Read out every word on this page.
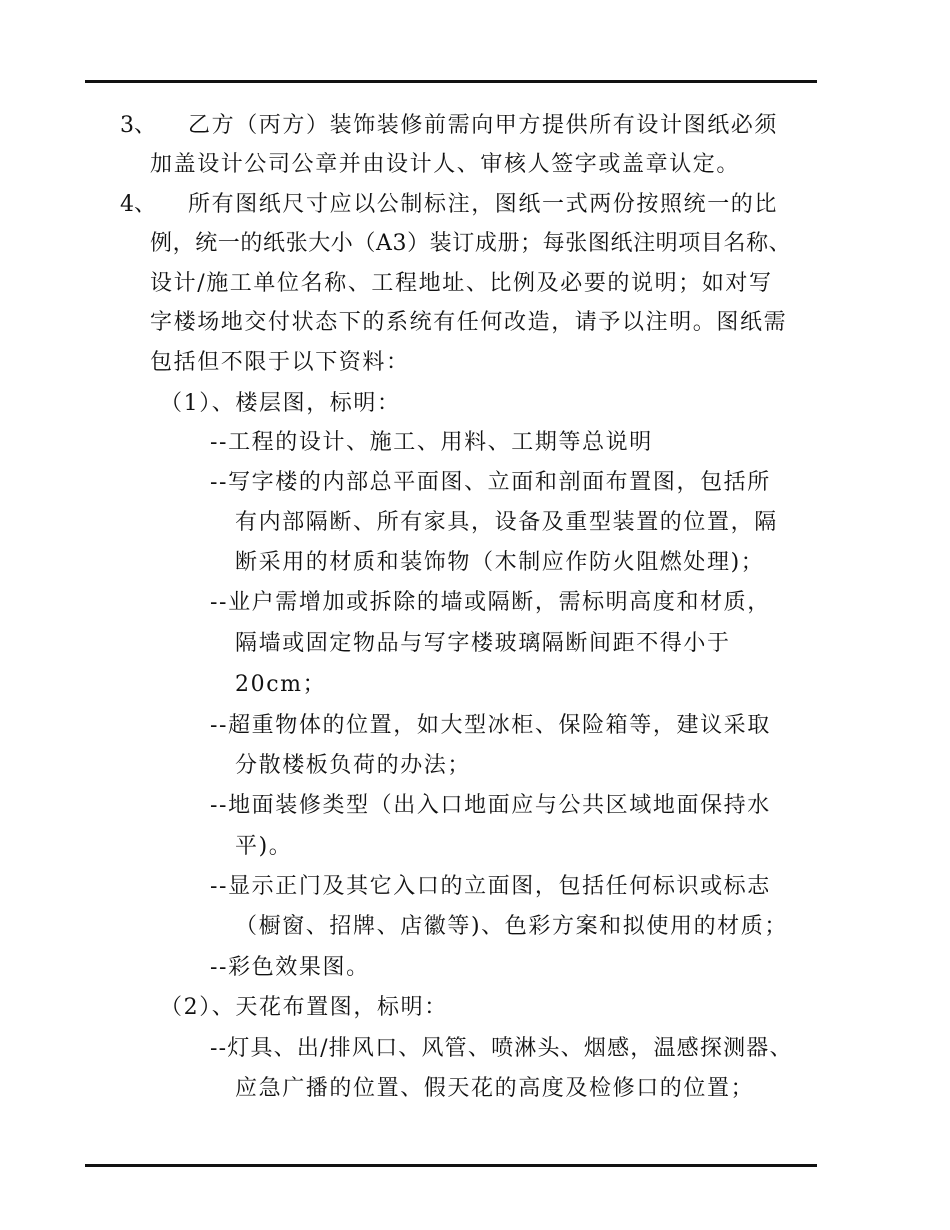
3、 乙方（丙方）装饰装修前需向甲方提供所有设计图纸必须
加盖设计公司公章并由设计人、审核人签字或盖章认定。
4、 所有图纸尺寸应以公制标注，图纸一式两份按照统一的比
例，统一的纸张大小（A3）装订成册；每张图纸注明项目名称、
设计/施工单位名称、工程地址、比例及必要的说明；如对写
字楼场地交付状态下的系统有任何改造，请予以注明。图纸需
包括但不限于以下资料：
（1）、楼层图，标明：
--工程的设计、施工、用料、工期等总说明
--写字楼的内部总平面图、立面和剖面布置图，包括所
有内部隔断、所有家具，设备及重型装置的位置，隔
断采用的材质和装饰物（木制应作防火阻燃处理)；
--业户需增加或拆除的墙或隔断，需标明高度和材质，
隔墙或固定物品与写字楼玻璃隔断间距不得小于
20cm；
--超重物体的位置，如大型冰柜、保险箱等，建议采取
分散楼板负荷的办法；
--地面装修类型（出入口地面应与公共区域地面保持水
平)。
--显示正门及其它入口的立面图，包括任何标识或标志
（橱窗、招牌、店徽等)、色彩方案和拟使用的材质；
--彩色效果图。
（2）、天花布置图，标明：
--灯具、出/排风口、风管、喷淋头、烟感，温感探测器、
应急广播的位置、假天花的高度及检修口的位置；
